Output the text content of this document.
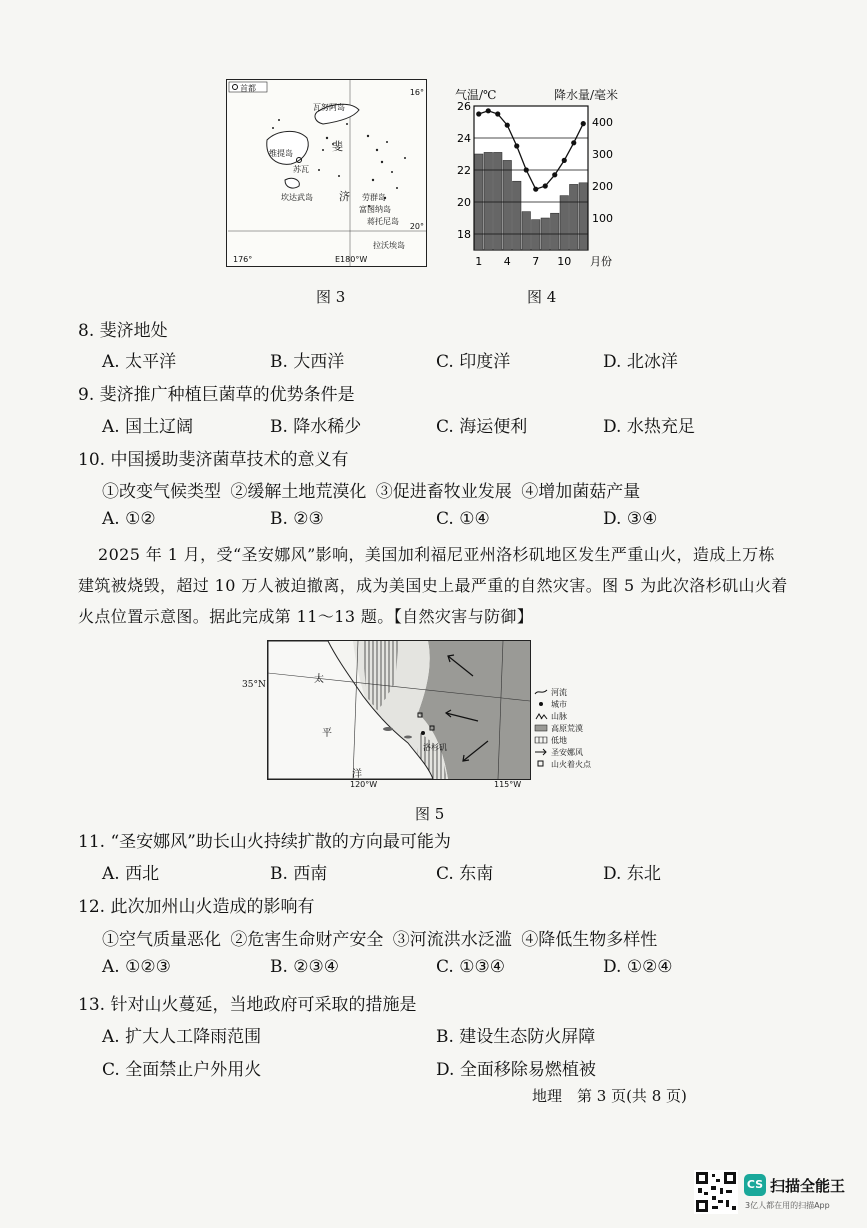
首都	16°
20°
176°	E180°W
维提岛
苏瓦
瓦努阿岛
坎达武岛
斐
济 劳群岛
富图纳岛
蒋托尼岛
拉沃埃岛
图 3
气温/℃	降水量/毫米
26
24
22
20
18
400
300
200
100
1 4 7 10 月份
图 4
8. 斐济地处
A. 太平洋	B. 大西洋	C. 印度洋	D. 北冰洋
9. 斐济推广种植巨菌草的优势条件是
A. 国土辽阔	B. 降水稀少	C. 海运便利	D. 水热充足
10. 中国援助斐济菌草技术的意义有
①改变气候类型 ②缓解土地荒漠化 ③促进畜牧业发展 ④增加菌菇产量
A. ①②	B. ②③	C. ①④	D. ③④
2025 年 1 月，受“圣安娜风”影响，美国加利福尼亚州洛杉矶地区发生严重山火，造成上万栋
建筑被烧毁，超过 10 万人被迫撤离，成为美国史上最严重的自然灾害。图 5 为此次洛杉矶山火着
火点位置示意图。据此完成第 11～13 题。【自然灾害与防御】
35°N	太
平
洋
洛杉矶
120°W	115°W
河流
城市
山脉
高原荒漠
低地
圣安娜风
山火着火点
图 5
11. “圣安娜风”助长山火持续扩散的方向最可能为
A. 西北	B. 西南	C. 东南	D. 东北
12. 此次加州山火造成的影响有
①空气质量恶化 ②危害生命财产安全 ③河流洪水泛滥 ④降低生物多样性
A. ①②③	B. ②③④	C. ①③④	D. ①②④
13. 针对山火蔓延，当地政府可采取的措施是
A. 扩大人工降雨范围	B. 建设生态防火屏障
C. 全面禁止户外用火	D. 全面移除易燃植被
地理　第 3 页(共 8 页)
CS 扫描全能王
3亿人都在用的扫描App
